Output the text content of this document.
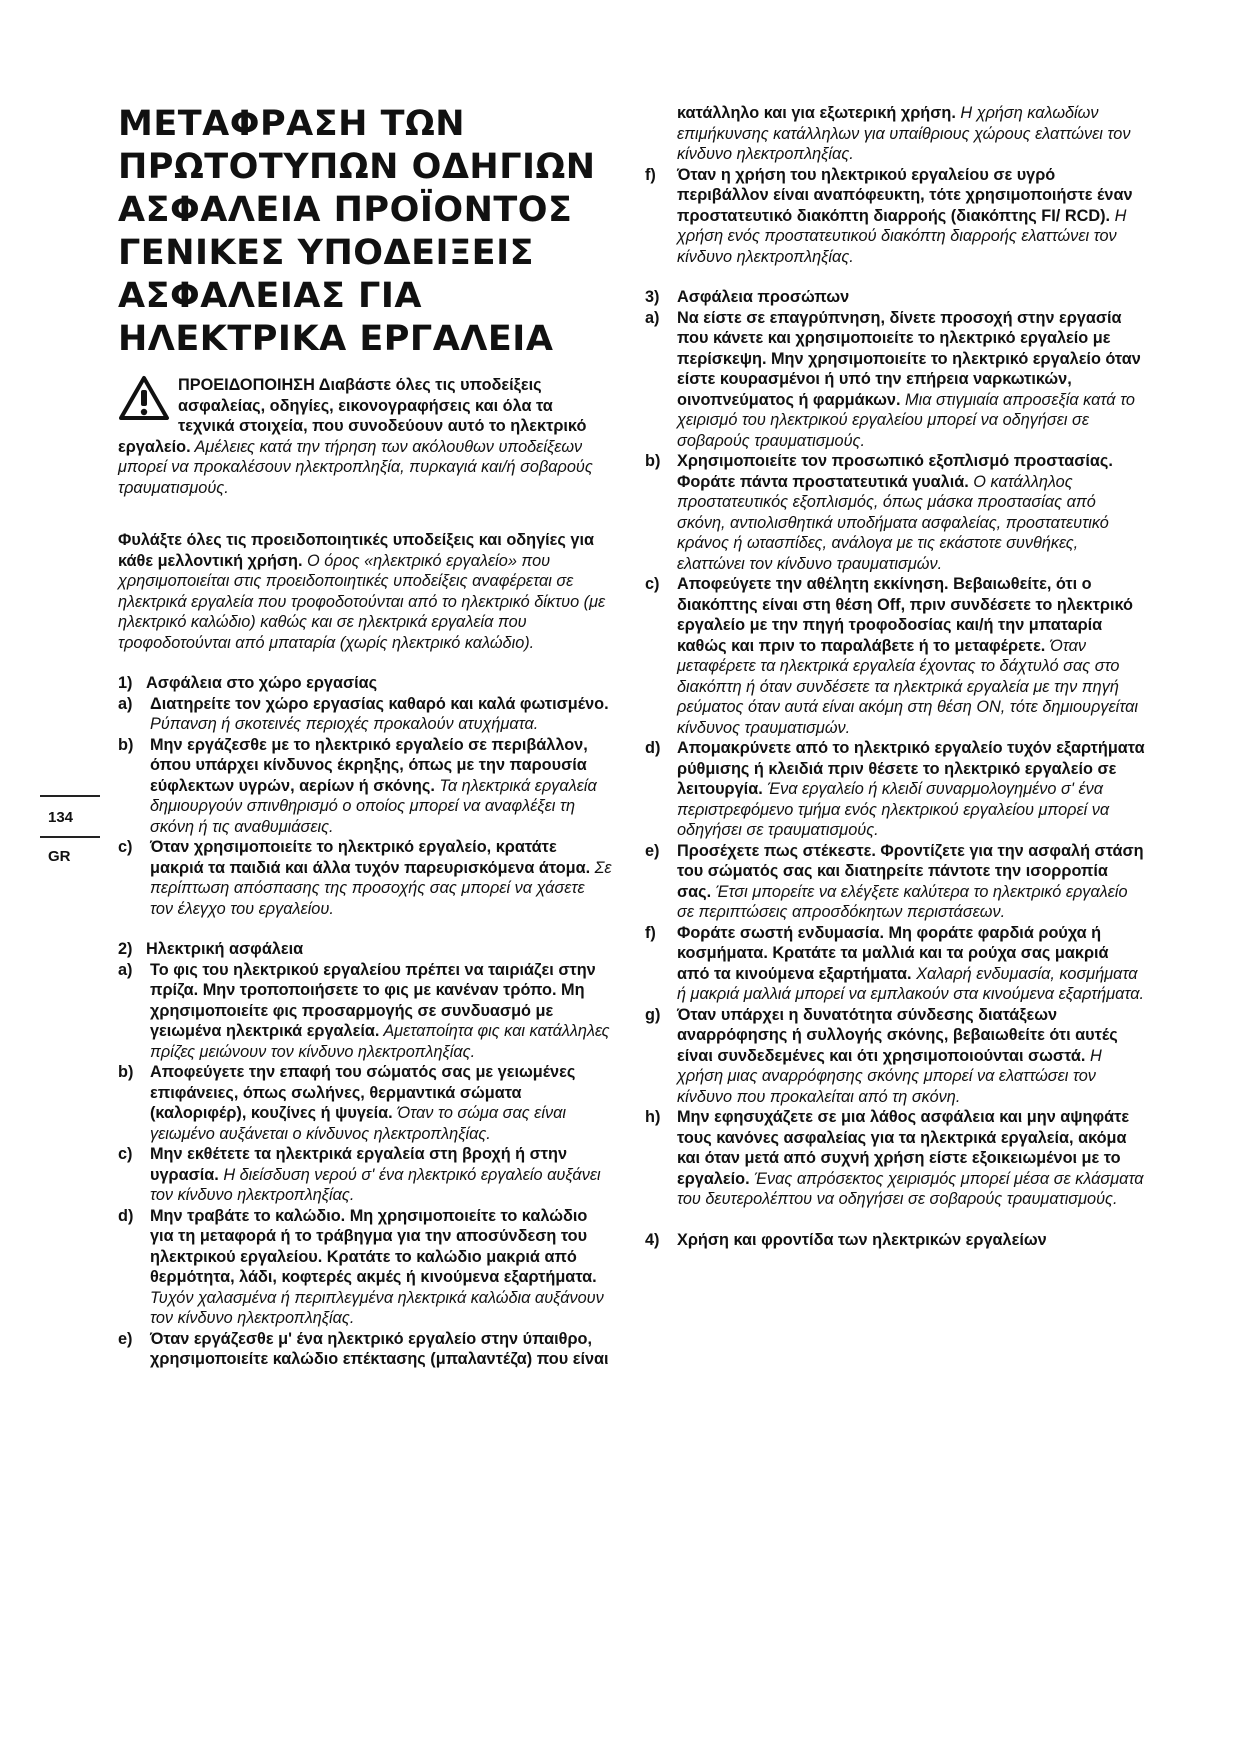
134
GR
ΜΕΤΑΦΡΑΣΗ ΤΩΝ
ΠΡΩΤΟΤΥΠΩΝ ΟΔΗΓΙΩΝ
ΑΣΦΑΛΕΙΑ ΠΡΟΪΟΝΤΟΣ
ΓΕΝΙΚΕΣ ΥΠΟΔΕΙΞΕΙΣ
ΑΣΦΑΛΕΙΑΣ ΓΙΑ
ΗΛΕΚΤΡΙΚΑ ΕΡΓΑΛΕΙΑ
ΠΡΟΕΙΔΟΠΟΙΗΣΗ Διαβάστε όλες τις υποδείξεις ασφαλείας, οδηγίες, εικονογραφήσεις και όλα τα τεχνικά στοιχεία, που συνοδεύουν αυτό το ηλεκτρικό εργαλείο. Αμέλειες κατά την τήρηση των ακόλουθων υποδείξεων μπορεί να προκαλέσουν ηλεκτροπληξία, πυρκαγιά και/ή σοβαρούς τραυματισμούς.

Φυλάξτε όλες τις προειδοποιητικές υποδείξεις και οδηγίες για κάθε μελλοντική χρήση. Ο όρος «ηλεκτρικό εργαλείο» που χρησιμοποιείται στις προειδοποιητικές υποδείξεις αναφέρεται σε ηλεκτρικά εργαλεία που τροφοδοτούνται από το ηλεκτρικό δίκτυο (με ηλεκτρικό καλώδιο) καθώς και σε ηλεκτρικά εργαλεία που τροφοδοτούνται από μπαταρία (χωρίς ηλεκτρικό καλώδιο).

1) Ασφάλεια στο χώρο εργασίας
a)	Διατηρείτε τον χώρο εργασίας καθαρό και καλά φωτισμένο. Ρύπανση ή σκοτεινές περιοχές προκαλούν ατυχήματα.
b)	Μην εργάζεσθε με το ηλεκτρικό εργαλείο σε περιβάλλον, όπου υπάρχει κίνδυνος έκρηξης, όπως με την παρουσία εύφλεκτων υγρών, αερίων ή σκόνης. Τα ηλεκτρικά εργαλεία δημιουργούν σπινθηρισμό ο οποίος μπορεί να αναφλέξει τη σκόνη ή τις αναθυμιάσεις.
c)	Όταν χρησιμοποιείτε το ηλεκτρικό εργαλείο, κρατάτε μακριά τα παιδιά και άλλα τυχόν παρευρισκόμενα άτομα. Σε περίπτωση απόσπασης της προσοχής σας μπορεί να χάσετε τον έλεγχο του εργαλείου.
2) Ηλεκτρική ασφάλεια
a)	Το φις του ηλεκτρικού εργαλείου πρέπει να ταιριάζει στην πρίζα. Μην τροποποιήσετε το φις με κανέναν τρόπο. Μη χρησιμοποιείτε φις προσαρμογής σε συνδυασμό με γειωμένα ηλεκτρικά εργαλεία. Αμεταποίητα φις και κατάλληλες πρίζες μειώνουν τον κίνδυνο ηλεκτροπληξίας.
b)	Αποφεύγετε την επαφή του σώματός σας με γειωμένες επιφάνειες, όπως σωλήνες, θερμαντικά σώματα (καλοριφέρ), κουζίνες ή ψυγεία. Όταν το σώμα σας είναι γειωμένο αυξάνεται ο κίνδυνος ηλεκτροπληξίας.
c)	Μην εκθέτετε τα ηλεκτρικά εργαλεία στη βροχή ή στην υγρασία. Η διείσδυση νερού σ' ένα ηλεκτρικό εργαλείο αυξάνει τον κίνδυνο ηλεκτροπληξίας.
d)	Μην τραβάτε το καλώδιο. Μη χρησιμοποιείτε το καλώδιο για τη μεταφορά ή το τράβηγμα για την αποσύνδεση του ηλεκτρικού εργαλείου. Κρατάτε το καλώδιο μακριά από θερμότητα, λάδι, κοφτερές ακμές ή κινούμενα εξαρτήματα. Τυχόν χαλασμένα ή περιπλεγμένα ηλεκτρικά καλώδια αυξάνουν τον κίνδυνο ηλεκτροπληξίας.
e)	Όταν εργάζεσθε μ' ένα ηλεκτρικό εργαλείο στην ύπαιθρο, χρησιμοποιείτε καλώδιο επέκτασης (μπαλαντέζα) που είναι
κατάλληλο και για εξωτερική χρήση. Η χρήση καλωδίων επιμήκυνσης κατάλληλων για υπαίθριους χώρους ελαττώνει τον κίνδυνο ηλεκτροπληξίας.
f)	Όταν η χρήση του ηλεκτρικού εργαλείου σε υγρό περιβάλλον είναι αναπόφευκτη, τότε χρησιμοποιήστε έναν προστατευτικό διακόπτη διαρροής (διακόπτης FI/ RCD). Η χρήση ενός προστατευτικού διακόπτη διαρροής ελαττώνει τον κίνδυνο ηλεκτροπληξίας.
3)	Ασφάλεια προσώπων
a)	Να είστε σε επαγρύπνηση, δίνετε προσοχή στην εργασία που κάνετε και χρησιμοποιείτε το ηλεκτρικό εργαλείο με περίσκεψη. Μην χρησιμοποιείτε το ηλεκτρικό εργαλείο όταν είστε κουρασμένοι ή υπό την επήρεια ναρκωτικών, οινοπνεύματος ή φαρμάκων. Μια στιγμιαία απροσεξία κατά το χειρισμό του ηλεκτρικού εργαλείου μπορεί να οδηγήσει σε σοβαρούς τραυματισμούς.
b)	Χρησιμοποιείτε τον προσωπικό εξοπλισμό προστασίας. Φοράτε πάντα προστατευτικά γυαλιά. Ο κατάλληλος προστατευτικός εξοπλισμός, όπως μάσκα προστασίας από σκόνη, αντιολισθητικά υποδήματα ασφαλείας, προστατευτικό κράνος ή ωτασπίδες, ανάλογα με τις εκάστοτε συνθήκες, ελαττώνει τον κίνδυνο τραυματισμών.
c)	Αποφεύγετε την αθέλητη εκκίνηση. Βεβαιωθείτε, ότι ο διακόπτης είναι στη θέση Off, πριν συνδέσετε το ηλεκτρικό εργαλείο με την πηγή τροφοδοσίας και/ή την μπαταρία καθώς και πριν το παραλάβετε ή το μεταφέρετε. Όταν μεταφέρετε τα ηλεκτρικά εργαλεία έχοντας το δάχτυλό σας στο διακόπτη ή όταν συνδέσετε τα ηλεκτρικά εργαλεία με την πηγή ρεύματος όταν αυτά είναι ακόμη στη θέση ON, τότε δημιουργείται κίνδυνος τραυματισμών.
d)	Απομακρύνετε από το ηλεκτρικό εργαλείο τυχόν εξαρτήματα ρύθμισης ή κλειδιά πριν θέσετε το ηλεκτρικό εργαλείο σε λειτουργία. Ένα εργαλείο ή κλειδί συναρμολογημένο σ' ένα περιστρεφόμενο τμήμα ενός ηλεκτρικού εργαλείου μπορεί να οδηγήσει σε τραυματισμούς.
e)	Προσέχετε πως στέκεστε. Φροντίζετε για την ασφαλή στάση του σώματός σας και διατηρείτε πάντοτε την ισορροπία σας. Έτσι μπορείτε να ελέγξετε καλύτερα το ηλεκτρικό εργαλείο σε περιπτώσεις απροσδόκητων περιστάσεων.
f)	Φοράτε σωστή ενδυμασία. Μη φοράτε φαρδιά ρούχα ή κοσμήματα. Κρατάτε τα μαλλιά και τα ρούχα σας μακριά από τα κινούμενα εξαρτήματα. Χαλαρή ενδυμασία, κοσμήματα ή μακριά μαλλιά μπορεί να εμπλακούν στα κινούμενα εξαρτήματα.
g)	Όταν υπάρχει η δυνατότητα σύνδεσης διατάξεων αναρρόφησης ή συλλογής σκόνης, βεβαιωθείτε ότι αυτές είναι συνδεδεμένες και ότι χρησιμοποιούνται σωστά. Η χρήση μιας αναρρόφησης σκόνης μπορεί να ελαττώσει τον κίνδυνο που προκαλείται από τη σκόνη.
h)	Μην εφησυχάζετε σε μια λάθος ασφάλεια και μην αψηφάτε τους κανόνες ασφαλείας για τα ηλεκτρικά εργαλεία, ακόμα και όταν μετά από συχνή χρήση είστε εξοικειωμένοι με το εργαλείο. Ένας απρόσεκτος χειρισμός μπορεί μέσα σε κλάσματα του δευτερολέπτου να οδηγήσει σε σοβαρούς τραυματισμούς.
4)	Χρήση και φροντίδα των ηλεκτρικών εργαλείων
